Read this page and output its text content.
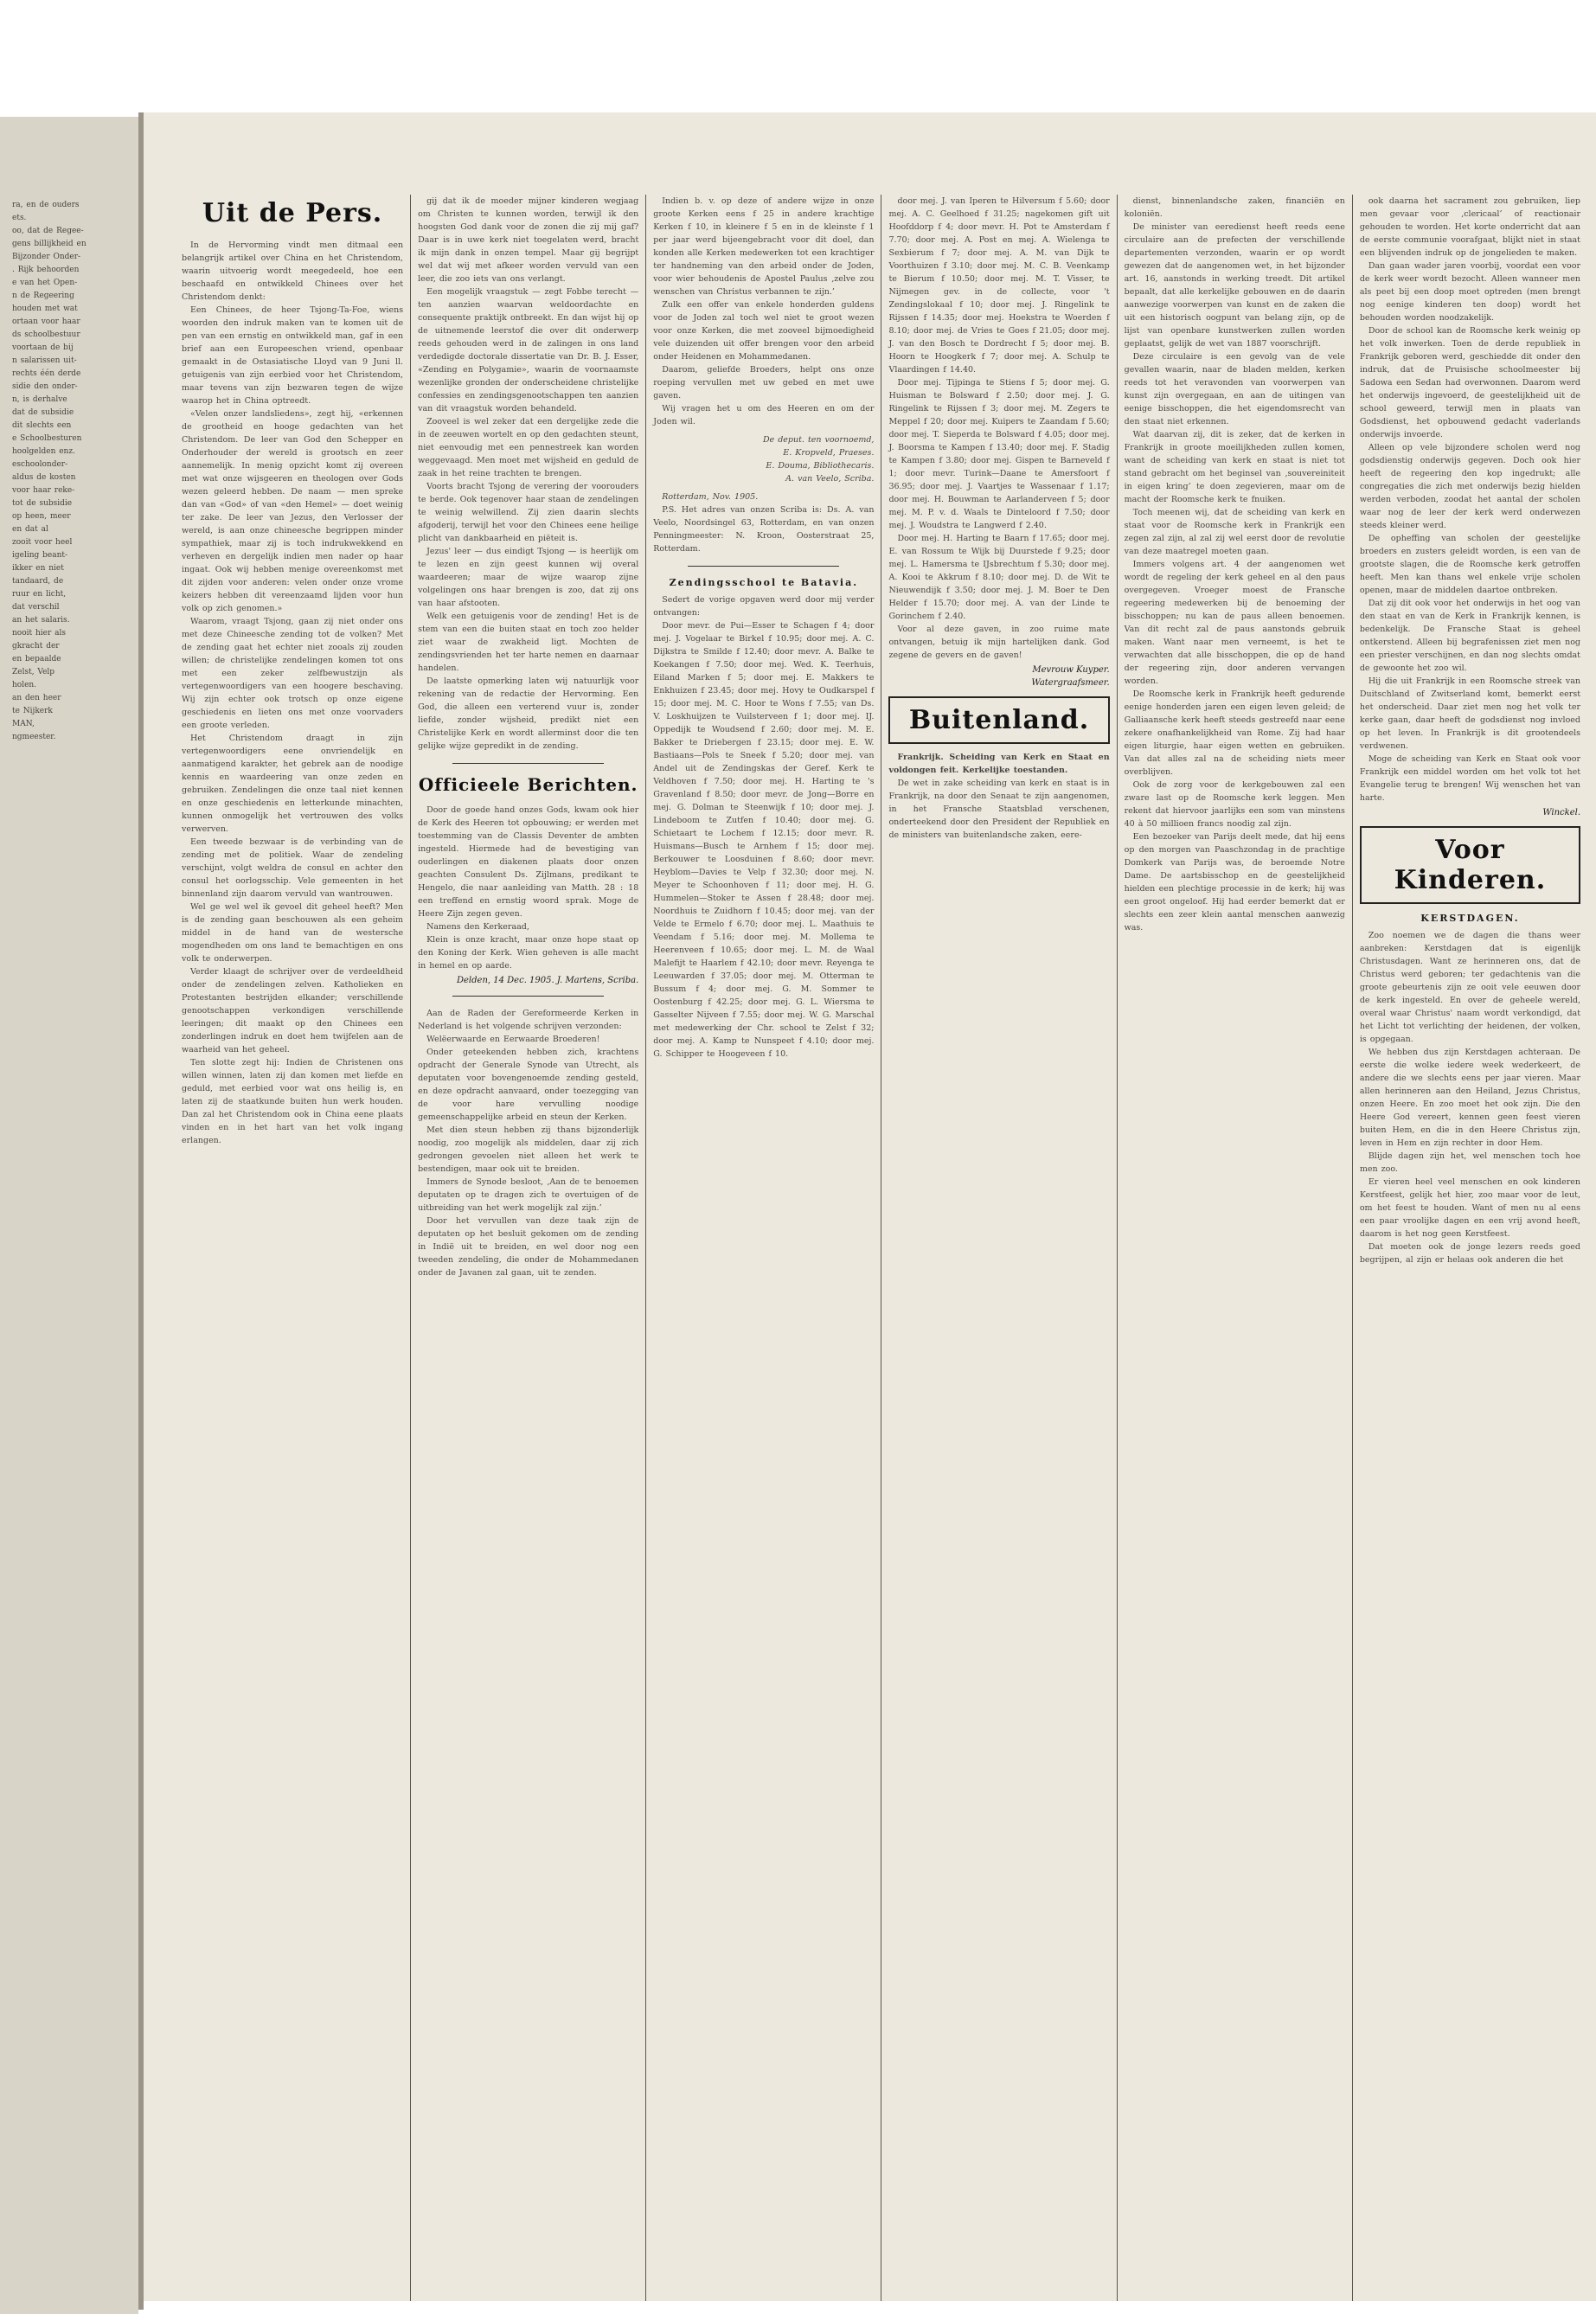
ra, en de ouders

ets.

oo, dat de Regee-

gens billijkheid en

Bijzonder Onder-

. Rijk behoorden

e van het Open-

n de Regeering

houden met wat

ortaan voor haar

ds schoolbestuur

voortaan de bij

n salarissen uit-

rechts één derde

sidie den onder-

n, is derhalve

dat de subsidie

dit slechts een

e Schoolbesturen

hoolgelden enz.

eschoolonder-

aldus de kosten

voor haar reke-

tot de subsidie

op heen, meer

en dat al

zooit voor heel

igeling beant-

ikker en niet

tandaard, de

ruur en licht,

dat verschil

an het salaris.

nooit hier als

gkracht der

en bepaalde

Zelst, Velp

holen.

an den heer

te Nijkerk

MAN,

ngmeester.

Uit de Pers.

In de Hervorming vindt men ditmaal een belangrijk artikel over China en het Christendom, waarin uitvoerig wordt meegedeeld, hoe een beschaafd en ontwikkeld Chinees over het Christendom denkt:

Een Chinees, de heer Tsjong-Ta-Foe, wiens woorden den indruk maken van te komen uit de pen van een ernstig en ontwikkeld man, gaf in een brief aan een Europeeschen vriend, openbaar gemaakt in de Ostasiatische Lloyd van 9 Juni ll. getuigenis van zijn eerbied voor het Christendom, maar tevens van zijn bezwaren tegen de wijze waarop het in China optreedt.

«Velen onzer landsliedens», zegt hij, «erkennen de grootheid en hooge gedachten van het Christendom. De leer van God den Schepper en Onderhouder der wereld is grootsch en zeer aannemelijk. In menig opzicht komt zij overeen met wat onze wijsgeeren en theologen over Gods wezen geleerd hebben. De naam — men spreke dan van «God» of van «den Hemel» — doet weinig ter zake. De leer van Jezus, den Verlosser der wereld, is aan onze chineesche begrippen minder sympathiek, maar zij is toch indrukwekkend en verheven en dergelijk indien men nader op haar ingaat. Ook wij hebben menige overeenkomst met dit zijden voor anderen: velen onder onze vrome keizers hebben dit vereenzaamd lijden voor hun volk op zich genomen.»

Waarom, vraagt Tsjong, gaan zij niet onder ons met deze Chineesche zending tot de volken? Met de zending gaat het echter niet zooals zij zouden willen; de christelijke zendelingen komen tot ons met een zeker zelfbewustzijn als vertegenwoordigers van een hoogere beschaving. Wij zijn echter ook trotsch op onze eigene geschiedenis en lieten ons met onze voorvaders een groote verleden.

Het Christendom draagt in zijn vertegenwoordigers eene onvriendelijk en aanmatigend karakter, het gebrek aan de noodige kennis en waardeering van onze zeden en gebruiken. Zendelingen die onze taal niet kennen en onze geschiedenis en letterkunde minachten, kunnen onmogelijk het vertrouwen des volks verwerven.

Een tweede bezwaar is de verbinding van de zending met de politiek. Waar de zendeling verschijnt, volgt weldra de consul en achter den consul het oorlogsschip. Vele gemeenten in het binnenland zijn daarom vervuld van wantrouwen.

Wel ge wel wel ik gevoel dit geheel heeft? Men is de zending gaan beschouwen als een geheim middel in de hand van de westersche mogendheden om ons land te bemachtigen en ons volk te onderwerpen.

Verder klaagt de schrijver over de verdeeldheid onder de zendelingen zelven. Katholieken en Protestanten bestrijden elkander; verschillende genootschappen verkondigen verschillende leeringen; dit maakt op den Chinees een zonderlingen indruk en doet hem twijfelen aan de waarheid van het geheel.

Ten slotte zegt hij: Indien de Christenen ons willen winnen, laten zij dan komen met liefde en geduld, met eerbied voor wat ons heilig is, en laten zij de staatkunde buiten hun werk houden. Dan zal het Christendom ook in China eene plaats vinden en in het hart van het volk ingang erlangen.

gij dat ik de moeder mijner kinderen wegjaag om Christen te kunnen worden, terwijl ik den hoogsten God dank voor de zonen die zij mij gaf? Daar is in uwe kerk niet toegelaten werd, bracht ik mijn dank in onzen tempel. Maar gij begrijpt wel dat wij met afkeer worden vervuld van een leer, die zoo iets van ons verlangt.

Een mogelijk vraagstuk — zegt Fobbe terecht — ten aanzien waarvan weldoordachte en consequente praktijk ontbreekt. En dan wijst hij op de uitnemende leerstof die over dit onderwerp reeds gehouden werd in de zalingen in ons land verdedigde doctorale dissertatie van Dr. B. J. Esser, «Zending en Polygamie», waarin de voornaamste wezenlijke gronden der onderscheidene christelijke confessies en zendingsgenootschappen ten aanzien van dit vraagstuk worden behandeld.

Zooveel is wel zeker dat een dergelijke zede die in de zeeuwen wortelt en op den gedachten steunt, niet eenvoudig met een pennestreek kan worden weggevaagd. Men moet met wijsheid en geduld de zaak in het reine trachten te brengen.

Voorts bracht Tsjong de verering der voorouders te berde. Ook tegenover haar staan de zendelingen te weinig welwillend. Zij zien daarin slechts afgoderij, terwijl het voor den Chinees eene heilige plicht van dankbaarheid en piëteit is.

Jezus' leer — dus eindigt Tsjong — is heerlijk om te lezen en zijn geest kunnen wij overal waardeeren; maar de wijze waarop zijne volgelingen ons haar brengen is zoo, dat zij ons van haar afstooten.

Welk een getuigenis voor de zending! Het is de stem van een die buiten staat en toch zoo helder ziet waar de zwakheid ligt. Mochten de zendingsvrienden het ter harte nemen en daarnaar handelen.

De laatste opmerking laten wij natuurlijk voor rekening van de redactie der Hervorming. Een God, die alleen een verterend vuur is, zonder liefde, zonder wijsheid, predikt niet een Christelijke Kerk en wordt allerminst door die ten gelijke wijze gepredikt in de zending.

Officieele Berichten.

Door de goede hand onzes Gods, kwam ook hier de Kerk des Heeren tot opbouwing; er werden met toestemming van de Classis Deventer de ambten ingesteld. Hiermede had de bevestiging van ouderlingen en diakenen plaats door onzen geachten Consulent Ds. Zijlmans, predikant te Hengelo, die naar aanleiding van Matth. 28 : 18 een treffend en ernstig woord sprak. Moge de Heere Zijn zegen geven.

Namens den Kerkeraad,

Klein is onze kracht, maar onze hope staat op den Koning der Kerk. Wien geheven is alle macht in hemel en op aarde.

Delden, 14 Dec. 1905. J. Martens, Scriba.

Aan de Raden der Gereformeerde Kerken in Nederland is het volgende schrijven verzonden:

Welëerwaarde en Eerwaarde Broederen!

Onder geteekenden hebben zich, krachtens opdracht der Generale Synode van Utrecht, als deputaten voor bovengenoemde zending gesteld, en deze opdracht aanvaard, onder toezegging van de voor hare vervulling noodige gemeenschappelijke arbeid en steun der Kerken.

Met dien steun hebben zij thans bijzonderlijk noodig, zoo mogelijk als middelen, daar zij zich gedrongen gevoelen niet alleen het werk te bestendigen, maar ook uit te breiden.

Immers de Synode besloot, ‚Aan de te benoemen deputaten op te dragen zich te overtuigen of de uitbreiding van het werk mogelijk zal zijn.’

Door het vervullen van deze taak zijn de deputaten op het besluit gekomen om de zending in Indië uit te breiden, en wel door nog een tweeden zendeling, die onder de Mohammedanen onder de Javanen zal gaan, uit te zenden.

Indien b. v. op deze of andere wijze in onze groote Kerken eens f 25 in andere krachtige Kerken f 10, in kleinere f 5 en in de kleinste f 1 per jaar werd bijeengebracht voor dit doel, dan konden alle Kerken medewerken tot een krachtiger ter handneming van den arbeid onder de Joden, voor wier behoudenis de Apostel Paulus ‚zelve zou wenschen van Christus verbannen te zijn.’

Zulk een offer van enkele honderden guldens voor de Joden zal toch wel niet te groot wezen voor onze Kerken, die met zooveel bijmoedigheid vele duizenden uit offer brengen voor den arbeid onder Heidenen en Mohammedanen.

Daarom, geliefde Broeders, helpt ons onze roeping vervullen met uw gebed en met uwe gaven.

Wij vragen het u om des Heeren en om der Joden wil.

De deput. ten voornoemd,

E. Kropveld, Praeses.

E. Douma, Bibliothecaris.

A. van Veelo, Scriba.

Rotterdam, Nov. 1905.

P.S. Het adres van onzen Scriba is: Ds. A. van Veelo, Noordsingel 63, Rotterdam, en van onzen Penningmeester: N. Kroon, Oosterstraat 25, Rotterdam.

Zendingsschool te Batavia.

Sedert de vorige opgaven werd door mij verder ontvangen:

Door mevr. de Pui—Esser te Schagen f 4; door mej. J. Vogelaar te Birkel f 10.95; door mej. A. C. Dijkstra te Smilde f 12.40; door mevr. A. Balke te Koekangen f 7.50; door mej. Wed. K. Teerhuis, Eiland Marken f 5; door mej. E. Makkers te Enkhuizen f 23.45; door mej. Hovy te Oudkarspel f 15; door mej. M. C. Hoor te Wons f 7.55; van Ds. V. Loskhuijzen te Vuilsterveen f 1; door mej. IJ. Oppedijk te Woudsend f 2.60; door mej. M. E. Bakker te Driebergen f 23.15; door mej. E. W. Bastiaans—Pols te Sneek f 5.20; door mej. van Andel uit de Zendingskas der Geref. Kerk te Veldhoven f 7.50; door mej. H. Harting te 's Gravenland f 8.50; door mevr. de Jong—Borre en mej. G. Dolman te Steenwijk f 10; door mej. J. Lindeboom te Zutfen f 10.40; door mej. G. Schietaart te Lochem f 12.15; door mevr. R. Huismans—Busch te Arnhem f 15; door mej. Berkouwer te Loosduinen f 8.60; door mevr. Heyblom—Davies te Velp f 32.30; door mej. N. Meyer te Schoonhoven f 11; door mej. H. G. Hummelen—Stoker te Assen f 28.48; door mej. Noordhuis te Zuidhorn f 10.45; door mej. van der Velde te Ermelo f 6.70; door mej. L. Maathuis te Veendam f 5.16; door mej. M. Mollema te Heerenveen f 10.65; door mej. L. M. de Waal Malefijt te Haarlem f 42.10; door mevr. Reyenga te Leeuwarden f 37.05; door mej. M. Otterman te Bussum f 4; door mej. G. M. Sommer te Oostenburg f 42.25; door mej. G. L. Wiersma te Gasselter Nijveen f 7.55; door mej. W. G. Marschal met medewerking der Chr. school te Zelst f 32; door mej. A. Kamp te Nunspeet f 4.10; door mej. G. Schipper te Hoogeveen f 10.

door mej. J. van Iperen te Hilversum f 5.60; door mej. A. C. Geelhoed f 31.25; nagekomen gift uit Hoofddorp f 4; door mevr. H. Pot te Amsterdam f 7.70; door mej. A. Post en mej. A. Wielenga te Sexbierum f 7; door mej. A. M. van Dijk te Voorthuizen f 3.10; door mej. M. C. B. Veenkamp te Bierum f 10.50; door mej. M. T. Visser, te Nijmegen gev. in de collecte, voor 't Zendingslokaal f 10; door mej. J. Ringelink te Rijssen f 14.35; door mej. Hoekstra te Woerden f 8.10; door mej. de Vries te Goes f 21.05; door mej. J. van den Bosch te Dordrecht f 5; door mej. B. Hoorn te Hoogkerk f 7; door mej. A. Schulp te Vlaardingen f 14.40.

Door mej. Tijpinga te Stiens f 5; door mej. G. Huisman te Bolsward f 2.50; door mej. J. G. Ringelink te Rijssen f 3; door mej. M. Zegers te Meppel f 20; door mej. Kuipers te Zaandam f 5.60; door mej. T. Sieperda te Bolsward f 4.05; door mej. J. Boorsma te Kampen f 13.40; door mej. F. Stadig te Kampen f 3.80; door mej. Gispen te Barneveld f 1; door mevr. Turink—Daane te Amersfoort f 36.95; door mej. J. Vaartjes te Wassenaar f 1.17; door mej. H. Bouwman te Aarlanderveen f 5; door mej. M. P. v. d. Waals te Dinteloord f 7.50; door mej. J. Woudstra te Langwerd f 2.40.

Door mej. H. Harting te Baarn f 17.65; door mej. E. van Rossum te Wijk bij Duurstede f 9.25; door mej. L. Hamersma te IJsbrechtum f 5.30; door mej. A. Kooi te Akkrum f 8.10; door mej. D. de Wit te Nieuwendijk f 3.50; door mej. J. M. Boer te Den Helder f 15.70; door mej. A. van der Linde te Gorinchem f 2.40.

Voor al deze gaven, in zoo ruime mate ontvangen, betuig ik mijn hartelijken dank. God zegene de gevers en de gaven!

Mevrouw Kuyper.
Watergraafsmeer.
Buitenland.

Frankrijk. Scheiding van Kerk en Staat en voldongen feit. Kerkelijke toestanden.

De wet in zake scheiding van kerk en staat is in Frankrijk, na door den Senaat te zijn aangenomen, in het Fransche Staatsblad verschenen, onderteekend door den President der Republiek en de ministers van buitenlandsche zaken, eere-

dienst, binnenlandsche zaken, financiën en koloniën.

De minister van eeredienst heeft reeds eene circulaire aan de prefecten der verschillende departementen verzonden, waarin er op wordt gewezen dat de aangenomen wet, in het bijzonder art. 16, aanstonds in werking treedt. Dit artikel bepaalt, dat alle kerkelijke gebouwen en de daarin aanwezige voorwerpen van kunst en de zaken die uit een historisch oogpunt van belang zijn, op de lijst van openbare kunstwerken zullen worden geplaatst, gelijk de wet van 1887 voorschrijft.

Deze circulaire is een gevolg van de vele gevallen waarin, naar de bladen melden, kerken reeds tot het veravonden van voorwerpen van kunst zijn overgegaan, en aan de uitingen van eenige bisschoppen, die het eigendomsrecht van den staat niet erkennen.

Wat daarvan zij, dit is zeker, dat de kerken in Frankrijk in groote moeilijkheden zullen komen, want de scheiding van kerk en staat is niet tot stand gebracht om het beginsel van ‚souvereiniteit in eigen kring’ te doen zegevieren, maar om de macht der Roomsche kerk te fnuiken.

Toch meenen wij, dat de scheiding van kerk en staat voor de Roomsche kerk in Frankrijk een zegen zal zijn, al zal zij wel eerst door de revolutie van deze maatregel moeten gaan.

Immers volgens art. 4 der aangenomen wet wordt de regeling der kerk geheel en al den paus overgegeven. Vroeger moest de Fransche regeering medewerken bij de benoeming der bisschoppen; nu kan de paus alleen benoemen. Van dit recht zal de paus aanstonds gebruik maken. Want naar men verneemt, is het te verwachten dat alle bisschoppen, die op de hand der regeering zijn, door anderen vervangen worden.

De Roomsche kerk in Frankrijk heeft gedurende eenige honderden jaren een eigen leven geleid; de Galliaansche kerk heeft steeds gestreefd naar eene zekere onafhankelijkheid van Rome. Zij had haar eigen liturgie, haar eigen wetten en gebruiken. Van dat alles zal na de scheiding niets meer overblijven.

Ook de zorg voor de kerkgebouwen zal een zware last op de Roomsche kerk leggen. Men rekent dat hiervoor jaarlijks een som van minstens 40 à 50 millioen francs noodig zal zijn.

Een bezoeker van Parijs deelt mede, dat hij eens op den morgen van Paaschzondag in de prachtige Domkerk van Parijs was, de beroemde Notre Dame. De aartsbisschop en de geestelijkheid hielden een plechtige processie in de kerk; hij was een groot ongeloof. Hij had eerder bemerkt dat er slechts een zeer klein aantal menschen aanwezig was.

ook daarna het sacrament zou gebruiken, liep men gevaar voor ‚clericaal’ of reactionair gehouden te worden. Het korte onderricht dat aan de eerste communie voorafgaat, blijkt niet in staat een blijvenden indruk op de jongelieden te maken.

Dan gaan wader jaren voorbij, voordat een voor de kerk weer wordt bezocht. Alleen wanneer men als peet bij een doop moet optreden (men brengt nog eenige kinderen ten doop) wordt het behouden worden noodzakelijk.

Door de school kan de Roomsche kerk weinig op het volk inwerken. Toen de derde republiek in Frankrijk geboren werd, geschiedde dit onder den indruk, dat de Pruisische schoolmeester bij Sadowa een Sedan had overwonnen. Daarom werd het onderwijs ingevoerd, de geestelijkheid uit de school geweerd, terwijl men in plaats van Godsdienst, het opbouwend gedacht vaderlands onderwijs invoerde.

Alleen op vele bijzondere scholen werd nog godsdienstig onderwijs gegeven. Doch ook hier heeft de regeering den kop ingedrukt; alle congregaties die zich met onderwijs bezig hielden werden verboden, zoodat het aantal der scholen waar nog de leer der kerk werd onderwezen steeds kleiner werd.

De opheffing van scholen der geestelijke broeders en zusters geleidt worden, is een van de grootste slagen, die de Roomsche kerk getroffen heeft. Men kan thans wel enkele vrije scholen openen, maar de middelen daartoe ontbreken.

Dat zij dit ook voor het onderwijs in het oog van den staat en van de Kerk in Frankrijk kennen, is bedenkelijk. De Fransche Staat is geheel ontkerstend. Alleen bij begrafenissen ziet men nog een priester verschijnen, en dan nog slechts omdat de gewoonte het zoo wil.

Hij die uit Frankrijk in een Roomsche streek van Duitschland of Zwitserland komt, bemerkt eerst het onderscheid. Daar ziet men nog het volk ter kerke gaan, daar heeft de godsdienst nog invloed op het leven. In Frankrijk is dit grootendeels verdwenen.

Moge de scheiding van Kerk en Staat ook voor Frankrijk een middel worden om het volk tot het Evangelie terug te brengen! Wij wenschen het van harte.

Winckel.
Voor Kinderen.
KERSTDAGEN.

Zoo noemen we de dagen die thans weer aanbreken: Kerstdagen dat is eigenlijk Christusdagen. Want ze herinneren ons, dat de Christus werd geboren; ter gedachtenis van die groote gebeurtenis zijn ze ooit vele eeuwen door de kerk ingesteld. En over de geheele wereld, overal waar Christus' naam wordt verkondigd, dat het Licht tot verlichting der heidenen, der volken, is opgegaan.

We hebben dus zijn Kerstdagen achteraan. De eerste die wolke iedere week wederkeert, de andere die we slechts eens per jaar vieren. Maar allen herinneren aan den Heiland, Jezus Christus, onzen Heere. En zoo moet het ook zijn. Die den Heere God vereert, kennen geen feest vieren buiten Hem, en die in den Heere Christus zijn, leven in Hem en zijn rechter in door Hem.

Blijde dagen zijn het, wel menschen toch hoe men zoo.

Er vieren heel veel menschen en ook kinderen Kerstfeest, gelijk het hier, zoo maar voor de leut, om het feest te houden. Want of men nu al eens een paar vroolijke dagen en een vrij avond heeft, daarom is het nog geen Kerstfeest.

Dat moeten ook de jonge lezers reeds goed begrijpen, al zijn er helaas ook anderen die het
